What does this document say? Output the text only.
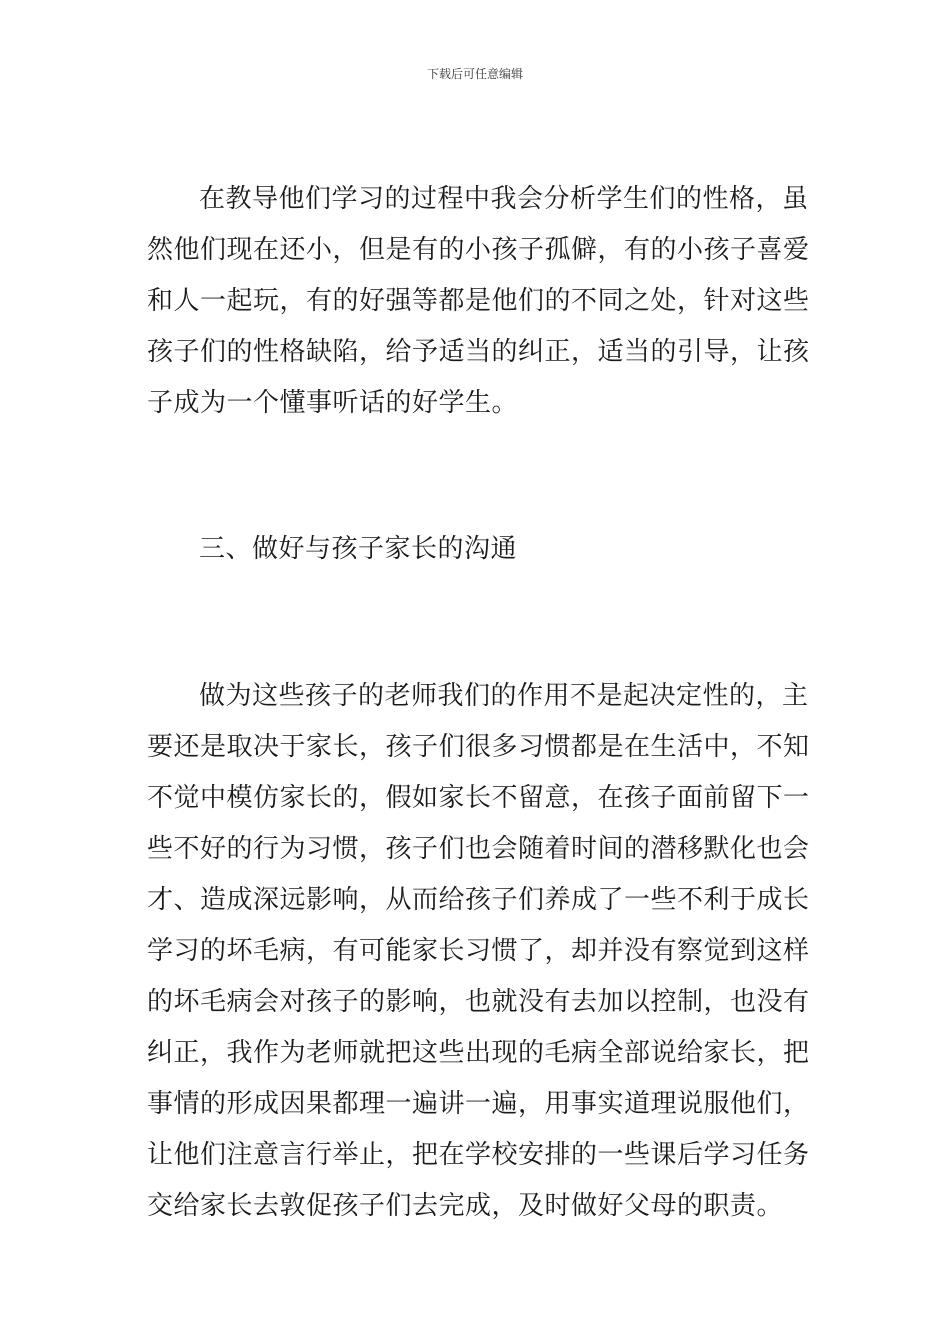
下载后可任意编辑
在教导他们学习的过程中我会分析学生们的性格，虽
然他们现在还小，但是有的小孩子孤僻，有的小孩子喜爱
和人一起玩，有的好强等都是他们的不同之处，针对这些
孩子们的性格缺陷，给予适当的纠正，适当的引导，让孩
子成为一个懂事听话的好学生。
三、做好与孩子家长的沟通
做为这些孩子的老师我们的作用不是起决定性的，主
要还是取决于家长，孩子们很多习惯都是在生活中，不知
不觉中模仿家长的，假如家长不留意，在孩子面前留下一
些不好的行为习惯，孩子们也会随着时间的潜移默化也会
才、造成深远影响，从而给孩子们养成了一些不利于成长
学习的坏毛病，有可能家长习惯了，却并没有察觉到这样
的坏毛病会对孩子的影响，也就没有去加以控制，也没有
纠正，我作为老师就把这些出现的毛病全部说给家长，把
事情的形成因果都理一遍讲一遍，用事实道理说服他们，
让他们注意言行举止，把在学校安排的一些课后学习任务
交给家长去敦促孩子们去完成，及时做好父母的职责。
